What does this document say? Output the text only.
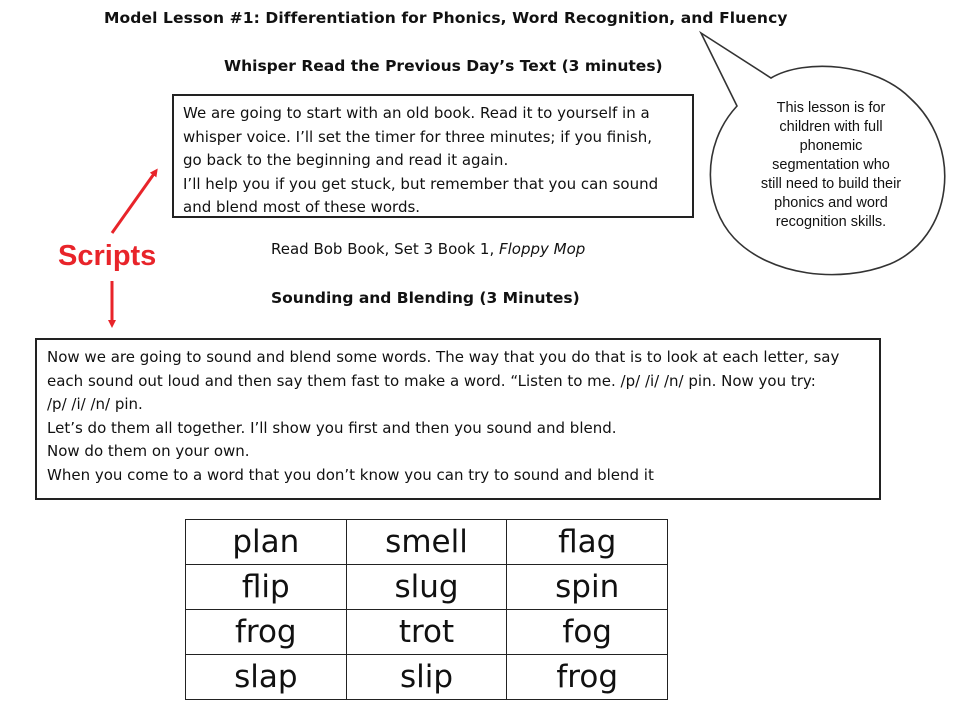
Model Lesson #1: Differentiation for Phonics, Word Recognition, and Fluency
Whisper Read the Previous Day’s Text (3 minutes)
We are going to start with an old book. Read it to yourself in a
whisper voice. I’ll set the timer for three minutes; if you finish,
go back to the beginning and read it again.
I’ll help you if you get stuck, but remember that you can sound
and blend most of these words.
This lesson is for
children with full
phonemic
segmentation who
still need to build their
phonics and word
recognition skills.
Scripts	Read Bob Book, Set 3 Book 1, Floppy Mop
Sounding and Blending (3 Minutes)
Now we are going to sound and blend some words. The way that you do that is to look at each letter, say
each sound out loud and then say them fast to make a word. “Listen to me. /p/ /i/ /n/ pin. Now you try:
/p/ /i/ /n/ pin.
Let’s do them all together. I’ll show you first and then you sound and blend.
Now do them on your own.
When you come to a word that you don’t know you can try to sound and blend it
plan	smell	flag
flip	slug	spin
frog	trot	fog
slap	slip	frog
